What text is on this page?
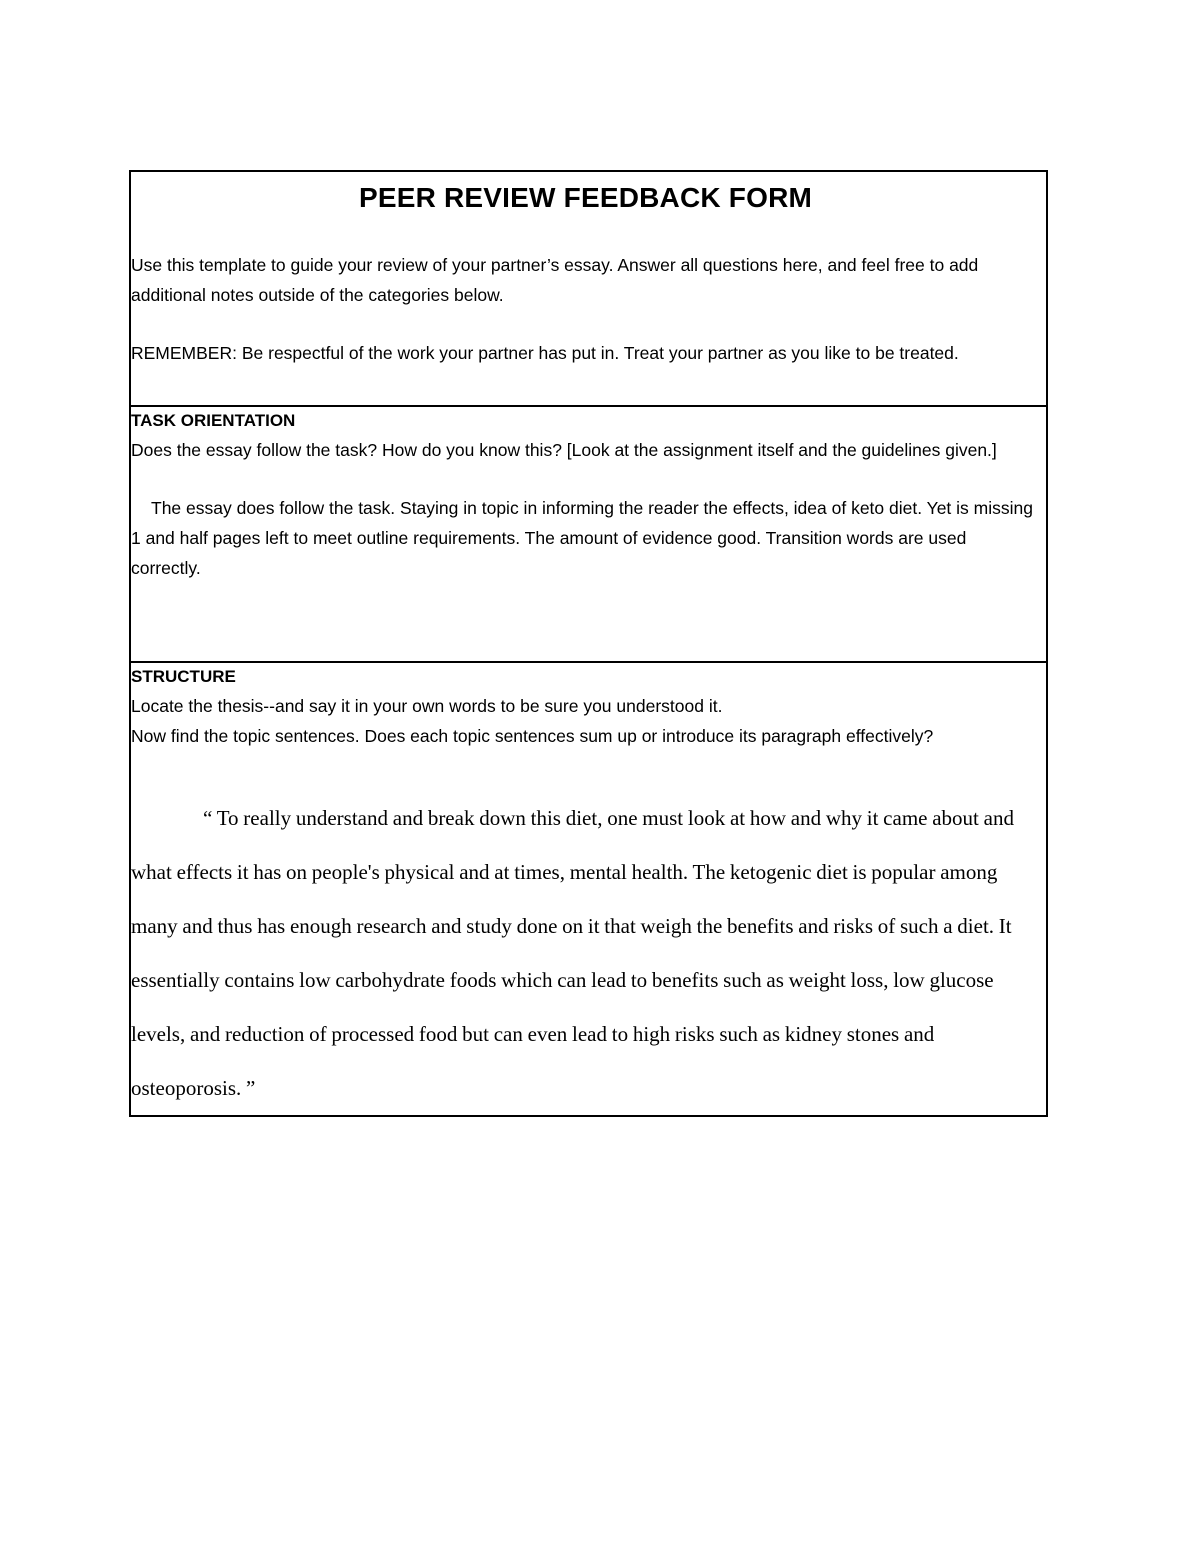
PEER REVIEW FEEDBACK FORM

Use this template to guide your review of your partner’s essay. Answer all questions here, and feel free to add additional notes outside of the categories below.

REMEMBER: Be respectful of the work your partner has put in. Treat your partner as you like to be treated.

TASK ORIENTATION

Does the essay follow the task? How do you know this? [Look at the assignment itself and the guidelines given.]

The essay does follow the task. Staying in topic in informing the reader the effects, idea of keto diet. Yet is missing 1 and half pages left to meet outline requirements. The amount of evidence good. Transition words are used correctly.

STRUCTURE

Locate the thesis--and say it in your own words to be sure you understood it.

Now find the topic sentences. Does each topic sentences sum up or introduce its paragraph effectively?

“ To really understand and break down this diet, one must look at how and why it came about and what effects it has on people's physical and at times, mental health. The ketogenic diet is popular among many and thus has enough research and study done on it that weigh the benefits and risks of such a diet. It essentially contains low carbohydrate foods which can lead to benefits such as weight loss, low glucose levels, and reduction of processed food but can even lead to high risks such as kidney stones and osteoporosis. ”
